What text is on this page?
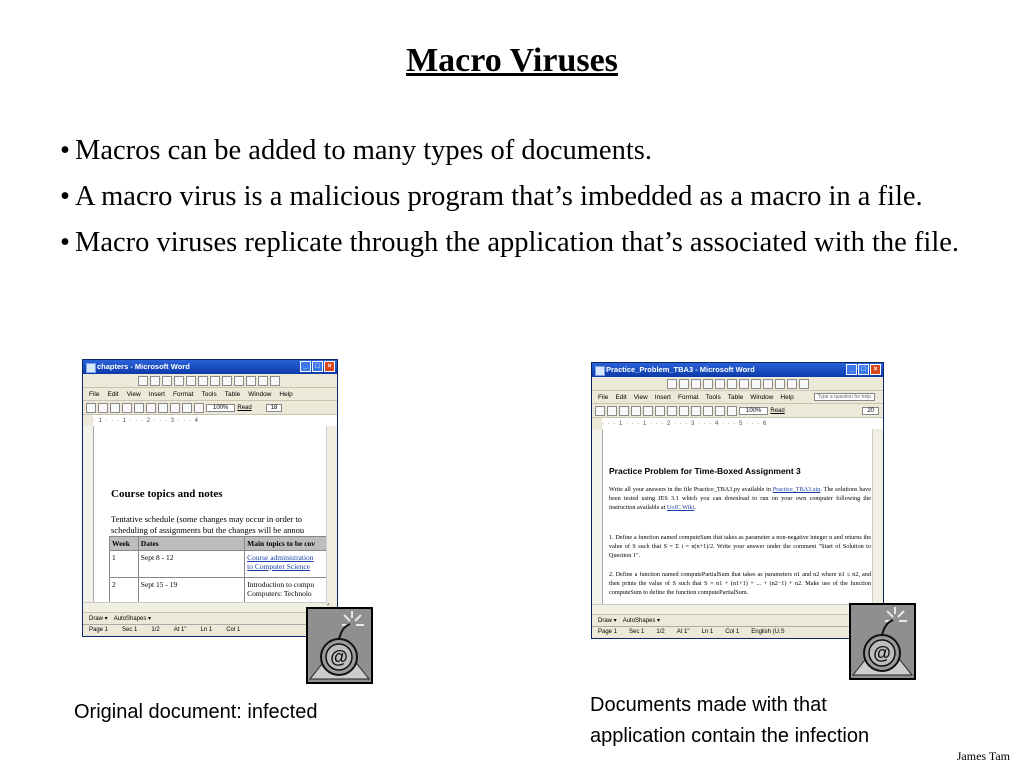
Macro Viruses
• Macros can be added to many types of documents.
• A macro virus is a malicious program that’s imbedded as a macro in a file.
• Macro viruses replicate through the application that’s associated with the file.
chapters - Microsoft Word	_	□	×
File Edit View Insert Format Tools Table Window Help
100%	Read	18
· 1 · · · 1 · · · 2 · · · 3 · · · 4
Course topics and notes
Tentative schedule (some changes may occur in order to
scheduling of assignments but the changes will be annou
Week	Dates	Main topics to be cov
1	Sept 8 - 12	Course administration
to Computer Science
2	Sept 15 - 19	Introduction to compu
Computers: Technolo
Draw ▾ AutoShapes ▾
Page 1 Sec 1 1/2 At 1" Ln 1 Col 1
@
Practice_Problem_TBA3 - Microsoft Word	_	□	×
File Edit View Insert Format Tools Table Window Help	Type a question for help
100%	Read	20
· · · 1 · · · 1 · · · 2 · · · 3 · · · 4 · · · 5 · · · 6
Practice Problem for Time-Boxed Assignment 3
Write all your answers in the file Practice_TBA3.py available in Practice_TBA3.zip. The solutions have been tested using JES 3.1 which you can download to run on your own computer following the instruction available at UofC Wiki.
1. Define a function named computeSum that takes as parameter a non-negative integer n and returns the value of S such that S = Σ i = n(n+1)/2. Write your answer under the comment "Start of Solution to Question 1".
2. Define a function named computePartialSum that takes as parameters n1 and n2 where n1 ≤ n2, and then prints the value of S such that S = n1 + (n1+1) + ... + (n2−1) + n2. Make use of the function computeSum to define the function computePartialSum.
Draw ▾ AutoShapes ▾
Page 1 Sec 1 1/2 At 1" Ln 1 Col 1 English (U.S
@
Original document: infected	Documents made with that
application contain the infection
James Tam
